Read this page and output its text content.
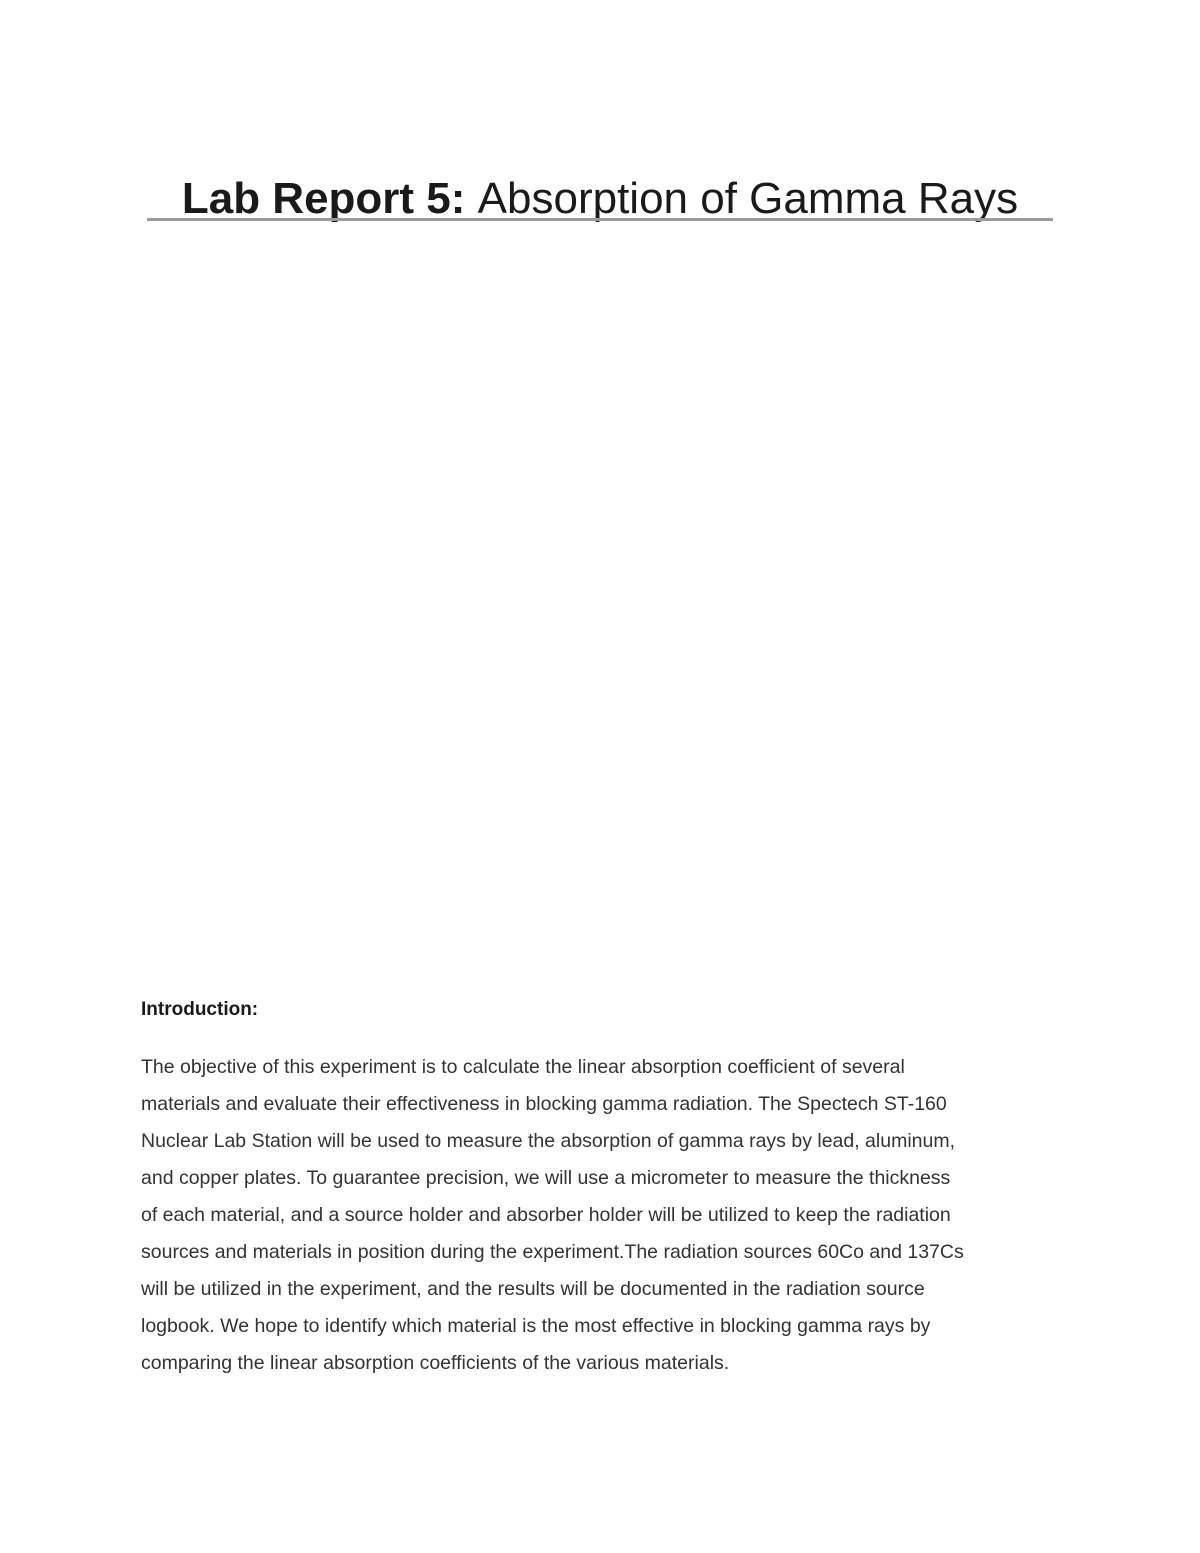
Lab Report 5: Absorption of Gamma Rays
Introduction:
The objective of this experiment is to calculate the linear absorption coefficient of several
materials and evaluate their effectiveness in blocking gamma radiation. The Spectech ST-160
Nuclear Lab Station will be used to measure the absorption of gamma rays by lead, aluminum,
and copper plates. To guarantee precision, we will use a micrometer to measure the thickness
of each material, and a source holder and absorber holder will be utilized to keep the radiation
sources and materials in position during the experiment.The radiation sources 60Co and 137Cs
will be utilized in the experiment, and the results will be documented in the radiation source
logbook. We hope to identify which material is the most effective in blocking gamma rays by
comparing the linear absorption coefficients of the various materials.
